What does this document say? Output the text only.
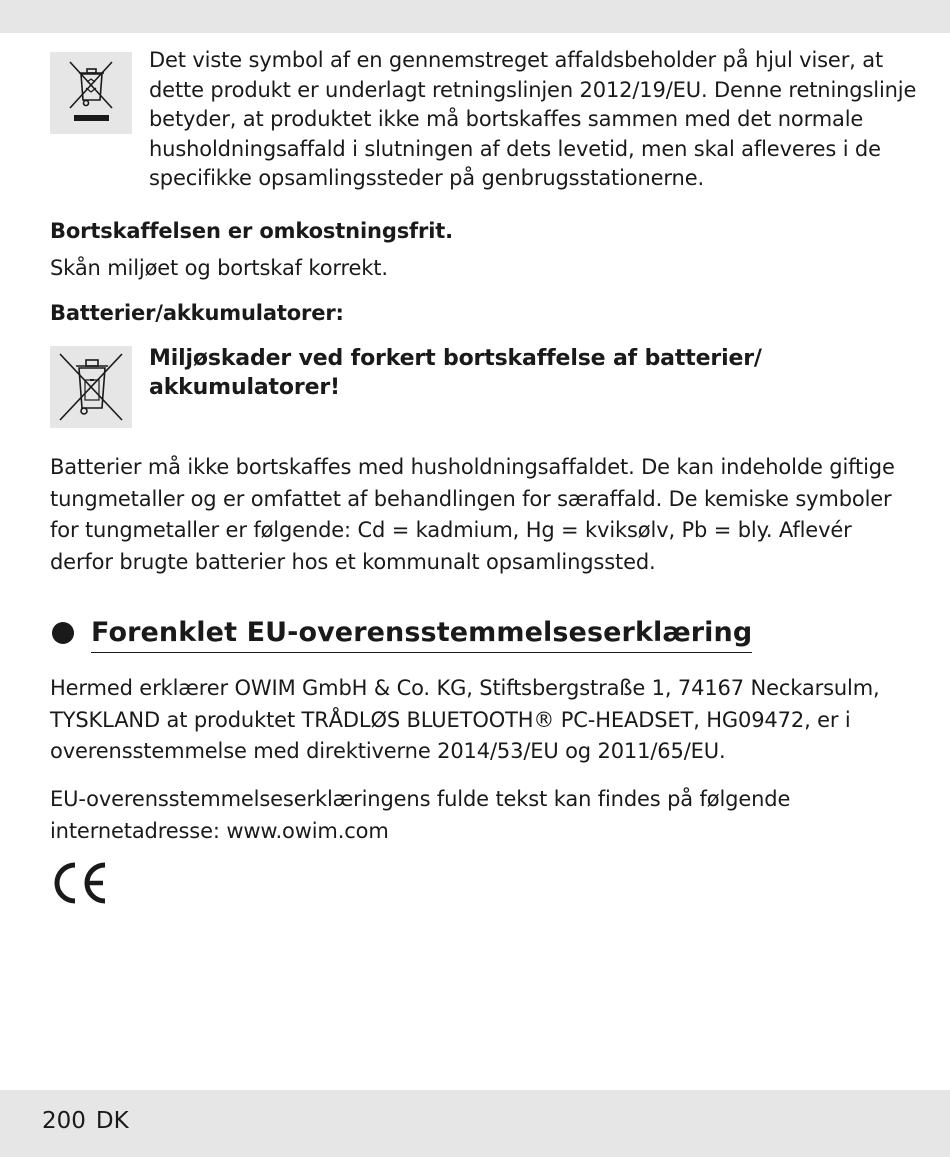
Det viste symbol af en gennemstreget affaldsbeholder på hjul viser, at dette produkt er underlagt retningslinjen 2012/19/EU. Denne retningslinje betyder, at produktet ikke må bortskaffes sammen med det normale husholdningsaffald i slutningen af dets levetid, men skal afleveres i de specifikke opsamlingssteder på genbrugsstationerne.

Bortskaffelsen er omkostningsfrit.

Skån miljøet og bortskaf korrekt.

Batterier/akkumulatorer:

Miljøskader ved forkert bortskaffelse af batterier/ akkumulatorer!

Batterier må ikke bortskaffes med husholdningsaffaldet. De kan indeholde giftige tungmetaller og er omfattet af behandlingen for særaffald. De kemiske symboler for tungmetaller er følgende: Cd = kadmium, Hg = kviksølv, Pb = bly. Aflevér derfor brugte batterier hos et kommunalt opsamlingssted.

Forenklet EU-overensstemmelseserklæring

Hermed erklærer OWIM GmbH & Co. KG, Stiftsbergstraße 1, 74167 Neckarsulm, TYSKLAND at produktet TRÅDLØS BLUETOOTH® PC-HEADSET, HG09472, er i overensstemmelse med direktiverne 2014/53/EU og 2011/65/EU.

EU-overensstemmelseserklæringens fulde tekst kan findes på følgende internetadresse: www.owim.com

200 DK
